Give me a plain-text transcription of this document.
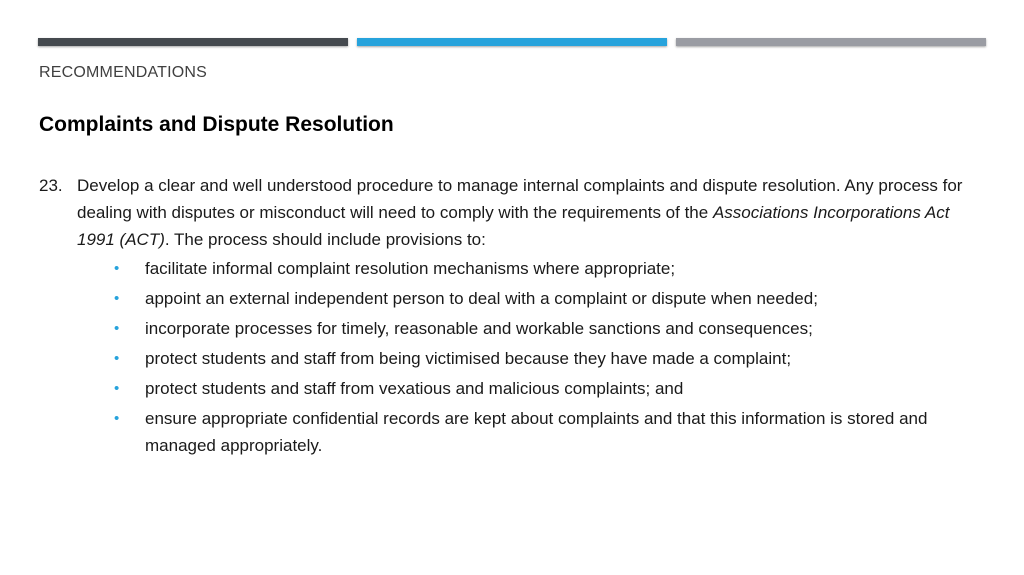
RECOMMENDATIONS
Complaints and Dispute Resolution
23. Develop a clear and well understood procedure to manage internal complaints and dispute resolution. Any process for dealing with disputes or misconduct will need to comply with the requirements of the Associations Incorporations Act 1991 (ACT). The process should include provisions to:
• facilitate informal complaint resolution mechanisms where appropriate;
• appoint an external independent person to deal with a complaint or dispute when needed;
• incorporate processes for timely, reasonable and workable sanctions and consequences;
• protect students and staff from being victimised because they have made a complaint;
• protect students and staff from vexatious and malicious complaints; and
• ensure appropriate confidential records are kept about complaints and that this information is stored and managed appropriately.
